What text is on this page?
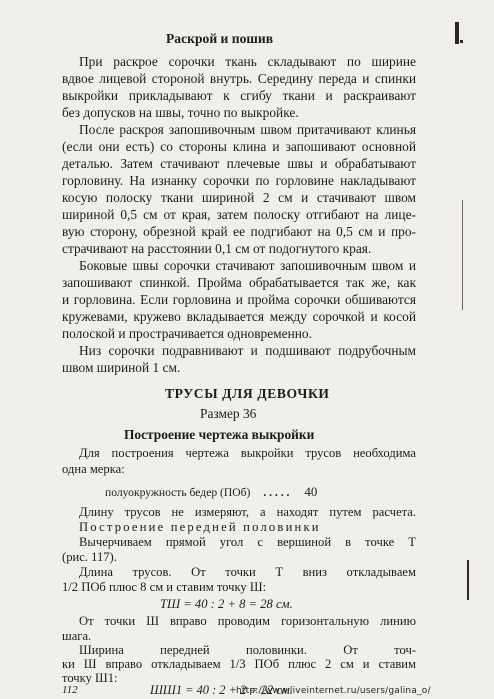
Раскрой и пошив
При раскрое сорочки ткань складывают по ширине
вдвое лицевой стороной внутрь. Середину переда и спинки
выкройки прикладывают к сгибу ткани и раскраивают
без допусков на швы, точно по выкройке.
После раскроя запошивочным швом притачивают клинья
(если они есть) со стороны клина и запошивают основной
деталью. Затем стачивают плечевые швы и обрабатывают
горловину. На изнанку сорочки по горловине накладывают
косую полоску ткани шириной 2 см и стачивают швом
шириной 0,5 см от края, затем полоску отгибают на лице-
вую сторону, обрезной край ее подгибают на 0,5 см и про-
страчивают на расстоянии 0,1 см от подогнутого края.
Боковые швы сорочки стачивают запошивочным швом и
запошивают спинкой. Пройма обрабатывается так же, как
и горловина. Если горловина и пройма сорочки обшиваются
кружевами, кружево вкладывается между сорочкой и косой
полоской и прострачивается одновременно.
Низ сорочки подравнивают и подшивают подрубочным
швом шириной 1 см.
ТРУСЫ ДЛЯ ДЕВОЧКИ
Размер 36
Построение чертежа выкройки
полуокружность бедер (ПОб) . . . . . 40
Для построения чертежа выкройки трусов необходима
одна мерка:
Длину трусов не измеряют, а находят путем расчета.
Построение передней половинки
Вычерчиваем прямой угол с вершиной в точке Т
(рис. 117).
Длина трусов. От точки Т вниз откладываем
1/2 ПОб плюс 8 см и ставим точку Ш:
ТШ = 40 : 2 + 8 = 28 см.
От точки Ш вправо проводим горизонтальную линию
шага.
Ширина передней половинки. От точ-
ки Ш вправо откладываем 1/3 ПОб плюс 2 см и ставим
точку Ш1:
ШШ1 = 40 : 2 + 2 = 22 см.
112	http://www.liveinternet.ru/users/galina_o/
